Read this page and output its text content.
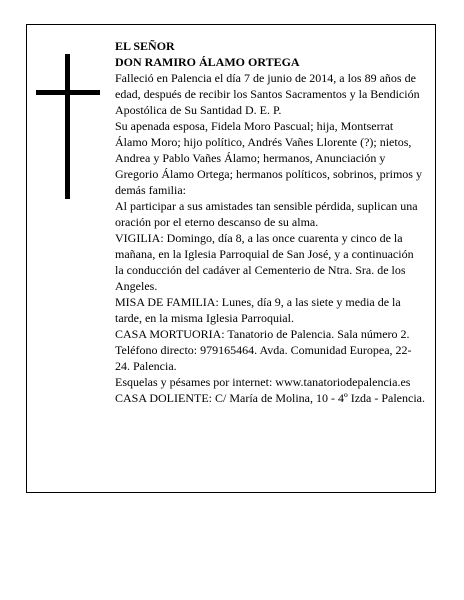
EL SEÑOR

DON RAMIRO ÁLAMO ORTEGA

Falleció en Palencia el día 7 de junio de 2014, a los 89 años de edad, después de recibir los Santos Sacramentos y la Bendición Apostólica de Su Santidad D. E. P.

Su apenada esposa, Fidela Moro Pascual; hija, Montserrat Álamo Moro; hijo político, Andrés Vañes Llorente (?); nietos, Andrea y Pablo Vañes Álamo; hermanos, Anunciación y Gregorio Álamo Ortega; hermanos políticos, sobrinos, primos y demás familia:

Al participar a sus amistades tan sensible pérdida, suplican una oración por el eterno descanso de su alma.

VIGILIA: Domingo, día 8, a las once cuarenta y cinco de la mañana, en la Iglesia Parroquial de San José, y a continuación la conducción del cadáver al Cementerio de Ntra. Sra. de los Angeles.

MISA DE FAMILIA: Lunes, día 9, a las siete y media de la tarde, en la misma Iglesia Parroquial.

CASA MORTUORIA: Tanatorio de Palencia. Sala número 2. Teléfono directo: 979165464. Avda. Comunidad Europea, 22-24. Palencia.

Esquelas y pésames por internet: www.tanatoriodepalencia.es

CASA DOLIENTE: C/ María de Molina, 10 - 4º Izda - Palencia.
